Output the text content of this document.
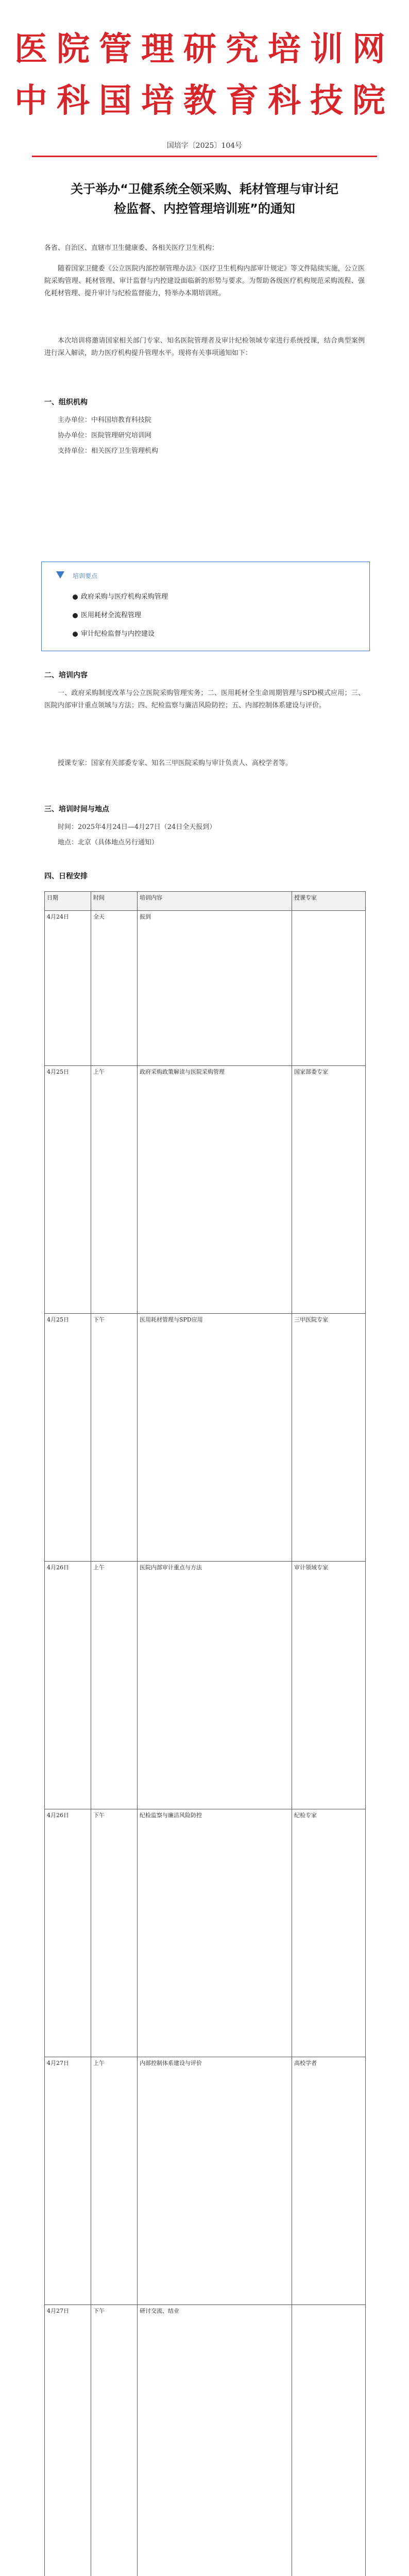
医院管理研究培训网
中科国培教育科技院
国培字〔2025〕104号
关于举办“卫健系统全领采购、耗材管理与审计纪
检监督、内控管理培训班”的通知
各省、自治区、直辖市卫生健康委、各相关医疗卫生机构：
随着国家卫健委《公立医院内部控制管理办法》《医疗卫生机构内部审计规定》等文件陆续实施，公立医院采购管理、耗材管理、审计监督与内控建设面临新的形势与要求。为帮助各级医疗机构规范采购流程、强化耗材管理、提升审计与纪检监督能力，特举办本期培训班。
本次培训将邀请国家相关部门专家、知名医院管理者及审计纪检领域专家进行系统授课，结合典型案例进行深入解读，助力医疗机构提升管理水平。现将有关事项通知如下：
一、组织机构
主办单位：中科国培教育科技院
协办单位：医院管理研究培训网
支持单位：相关医疗卫生管理机构
培训要点
政府采购与医疗机构采购管理
医用耗材全流程管理
审计纪检监督与内控建设
二、培训内容
一、政府采购制度改革与公立医院采购管理实务；二、医用耗材全生命周期管理与SPD模式应用；三、医院内部审计重点领域与方法；四、纪检监察与廉洁风险防控；五、内部控制体系建设与评价。
授课专家：国家有关部委专家、知名三甲医院采购与审计负责人、高校学者等。
三、培训时间与地点
时间：2025年4月24日—4月27日（24日全天报到）
地点：北京（具体地点另行通知）
四、日程安排
日期	时间	培训内容	授课专家
4月24日	全天	报到
4月25日	上午	政府采购政策解读与医院采购管理	国家部委专家
4月25日	下午	医用耗材管理与SPD应用	三甲医院专家
4月26日	上午	医院内部审计重点与方法	审计领域专家
4月26日	下午	纪检监察与廉洁风险防控	纪检专家
4月27日	上午	内部控制体系建设与评价	高校学者
4月27日	下午	研讨交流、结业
